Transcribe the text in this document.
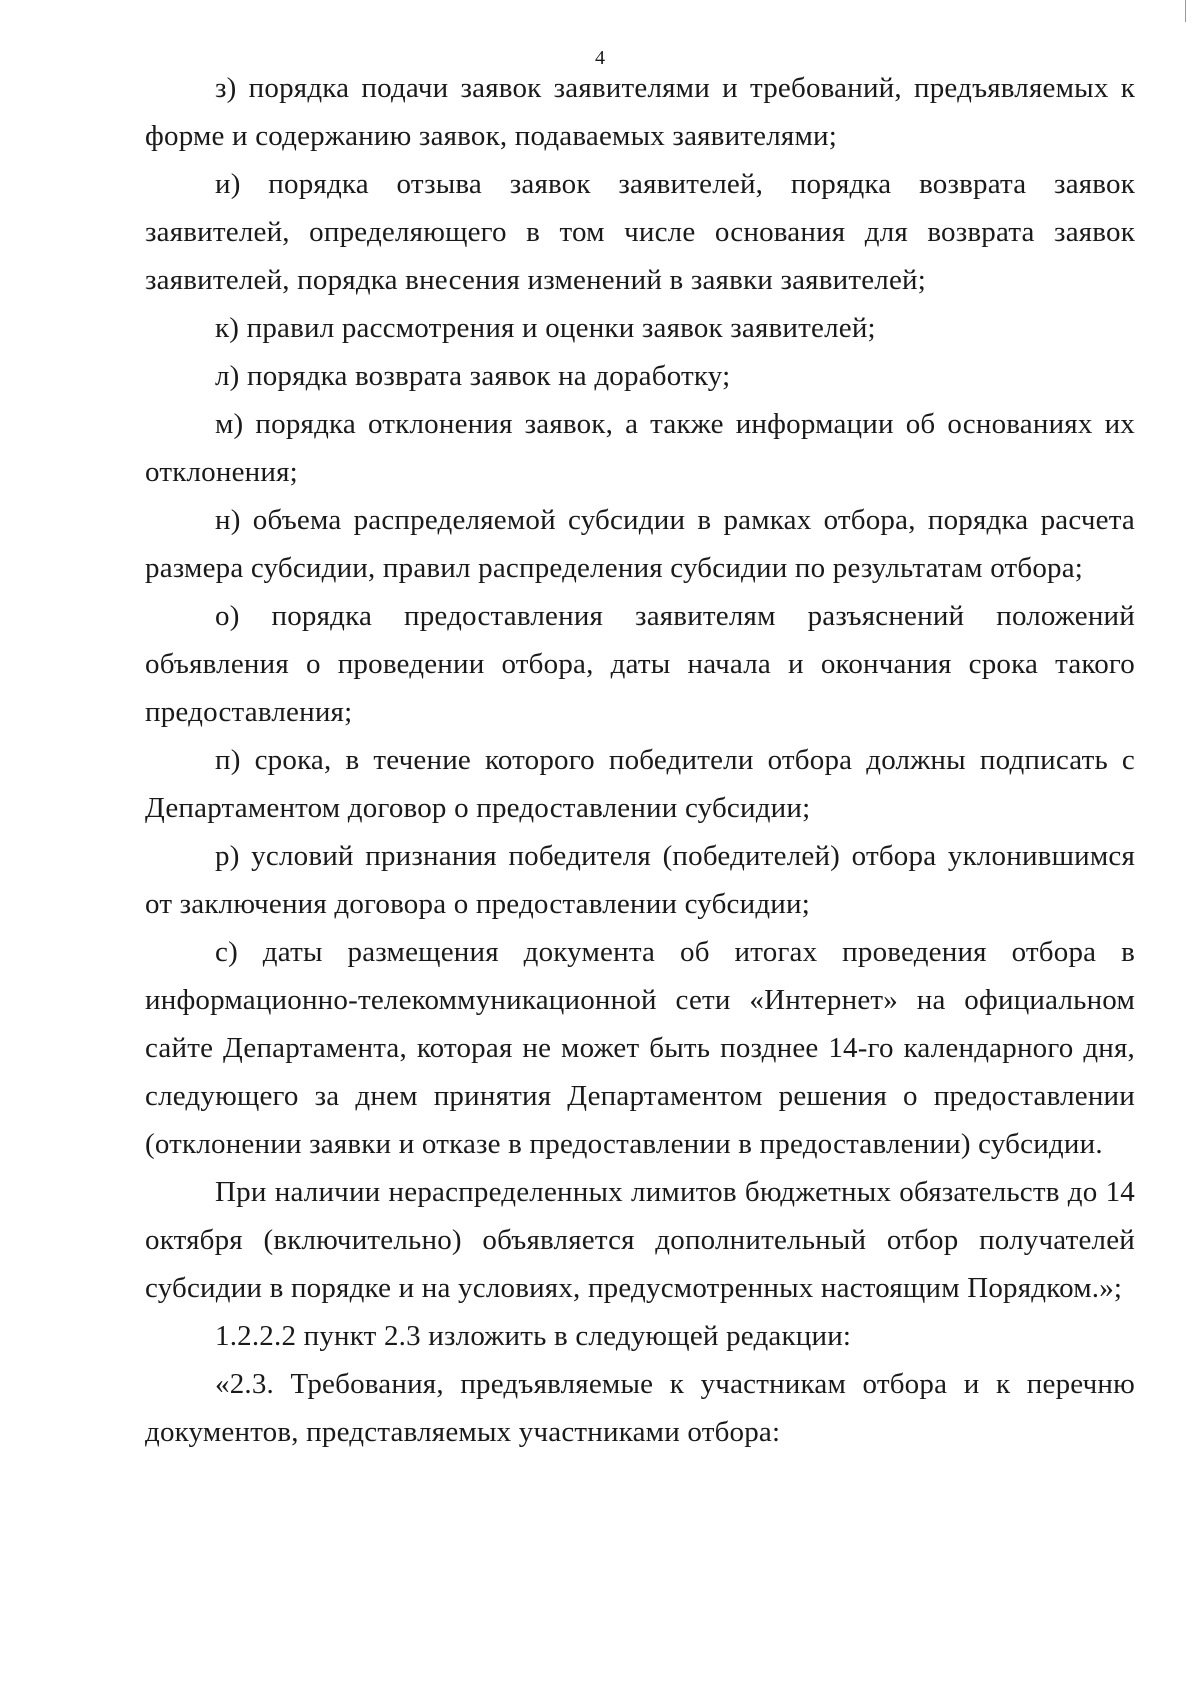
4

з) порядка подачи заявок заявителями и требований, предъявляемых к форме и содержанию заявок, подаваемых заявителями;

и) порядка отзыва заявок заявителей, порядка возврата заявок заявителей, определяющего в том числе основания для возврата заявок заявителей, порядка внесения изменений в заявки заявителей;

к) правил рассмотрения и оценки заявок заявителей;

л) порядка возврата заявок на доработку;

м) порядка отклонения заявок, а также информации об основаниях их отклонения;

н) объема распределяемой субсидии в рамках отбора, порядка расчета размера субсидии, правил распределения субсидии по результатам отбора;

о) порядка предоставления заявителям разъяснений положений объявления о проведении отбора, даты начала и окончания срока такого предоставления;

п) срока, в течение которого победители отбора должны подписать с Департаментом договор о предоставлении субсидии;

р) условий признания победителя (победителей) отбора уклонившимся от заключения договора о предоставлении субсидии;

с) даты размещения документа об итогах проведения отбора в информационно-телекоммуникационной сети «Интернет» на официальном сайте Департамента, которая не может быть позднее 14-го календарного дня, следующего за днем принятия Департаментом решения о предоставлении (отклонении заявки и отказе в предоставлении в предоставлении) субсидии.

При наличии нераспределенных лимитов бюджетных обязательств до 14 октября (включительно) объявляется дополнительный отбор получателей субсидии в порядке и на условиях, предусмотренных настоящим Порядком.»;

1.2.2.2 пункт 2.3 изложить в следующей редакции:

«2.3. Требования, предъявляемые к участникам отбора и к перечню документов, представляемых участниками отбора:
